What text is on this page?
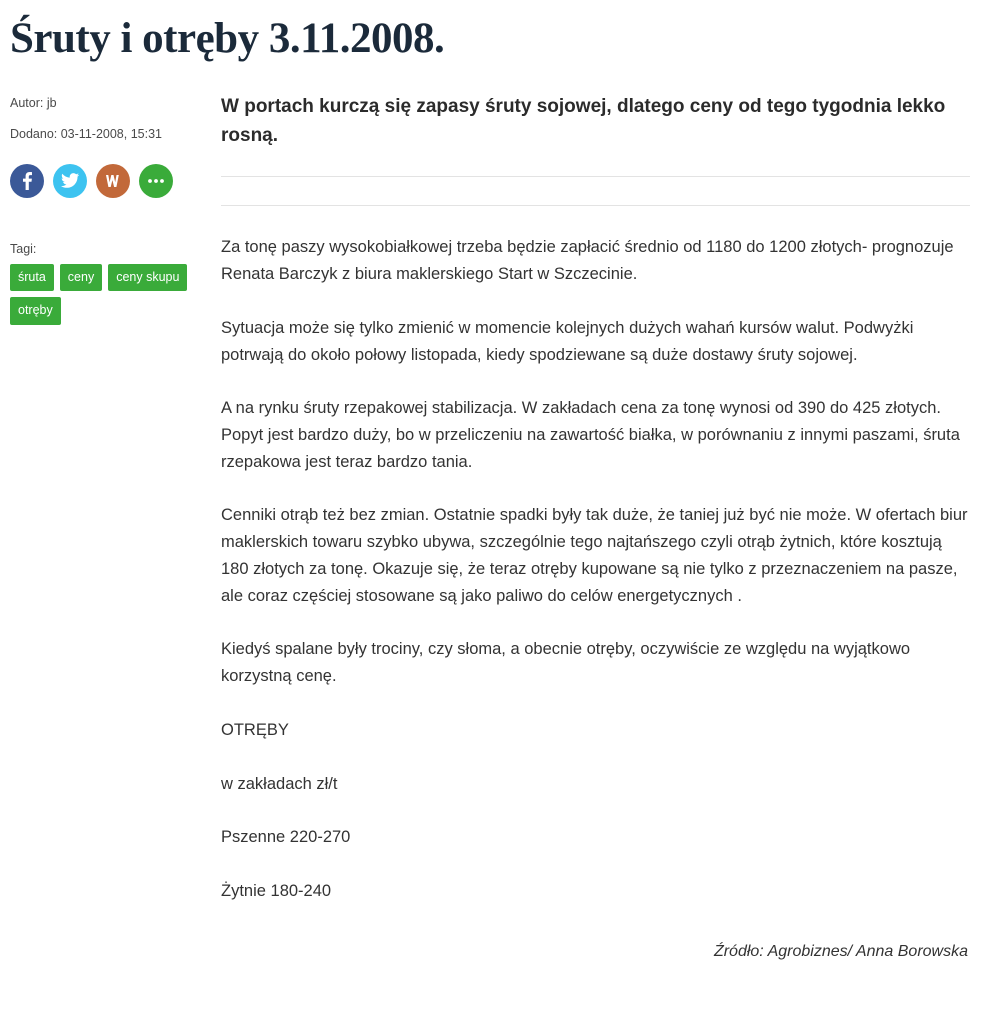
Śruty i otręby 3.11.2008.
Autor: jb
Dodano: 03-11-2008, 15:31
Tagi:
śruta	ceny	ceny skupu
otręby

W portach kurczą się zapasy śruty sojowej, dlatego ceny od tego tygodnia lekko rosną.

Za tonę paszy wysokobiałkowej trzeba będzie zapłacić średnio od 1180 do 1200 złotych- prognozuje Renata Barczyk z biura maklerskiego Start w Szczecinie.

Sytuacja może się tylko zmienić w momencie kolejnych dużych wahań kursów walut. Podwyżki potrwają do około połowy listopada, kiedy spodziewane są duże dostawy śruty sojowej.

A na rynku śruty rzepakowej stabilizacja. W zakładach cena za tonę wynosi od 390 do 425 złotych. Popyt jest bardzo duży, bo w przeliczeniu na zawartość białka, w porównaniu z innymi paszami, śruta rzepakowa jest teraz bardzo tania.

Cenniki otrąb też bez zmian. Ostatnie spadki były tak duże, że taniej już być nie może. W ofertach biur maklerskich towaru szybko ubywa, szczególnie tego najtańszego czyli otrąb żytnich, które kosztują 180 złotych za tonę. Okazuje się, że teraz otręby kupowane są nie tylko z przeznaczeniem na pasze, ale coraz częściej stosowane są jako paliwo do celów energetycznych .

Kiedyś spalane były trociny, czy słoma, a obecnie otręby, oczywiście ze względu na wyjątkowo korzystną cenę.

OTRĘBY

w zakładach zł/t

Pszenne 220-270

Żytnie 180-240

Źródło: Agrobiznes/ Anna Borowska
